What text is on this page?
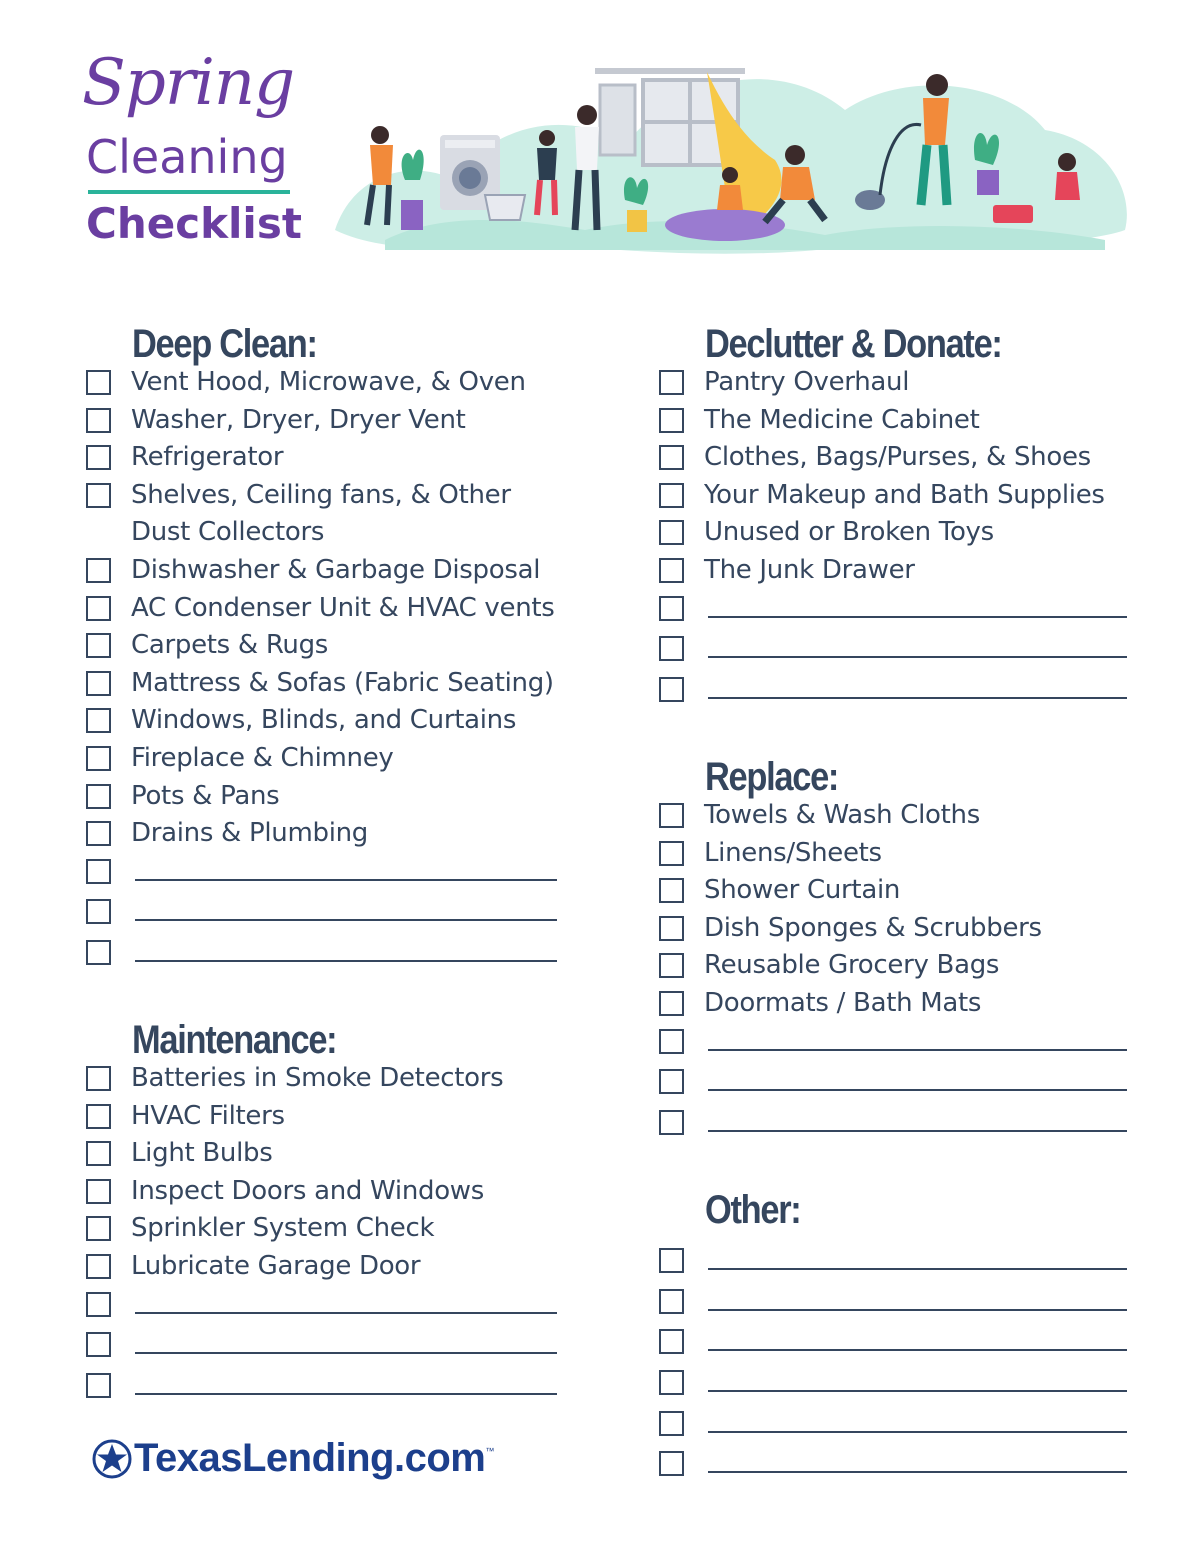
Spring
Cleaning
Checklist
Deep Clean:
Vent Hood, Microwave, & Oven
Washer, Dryer, Dryer Vent
Refrigerator
Shelves, Ceiling fans, & Other Dust Collectors
Dishwasher & Garbage Disposal
AC Condenser Unit & HVAC vents
Carpets & Rugs
Mattress & Sofas (Fabric Seating)
Windows, Blinds, and Curtains
Fireplace & Chimney
Pots & Pans
Drains & Plumbing
Maintenance:
Batteries in Smoke Detectors
HVAC Filters
Light Bulbs
Inspect Doors and Windows
Sprinkler System Check
Lubricate Garage Door
Declutter & Donate:
Pantry Overhaul
The Medicine Cabinet
Clothes, Bags/Purses, & Shoes
Your Makeup and Bath Supplies
Unused or Broken Toys
The Junk Drawer
Replace:
Towels & Wash Cloths
Linens/Sheets
Shower Curtain
Dish Sponges & Scrubbers
Reusable Grocery Bags
Doormats / Bath Mats
Other:
TexasLending.com ™
